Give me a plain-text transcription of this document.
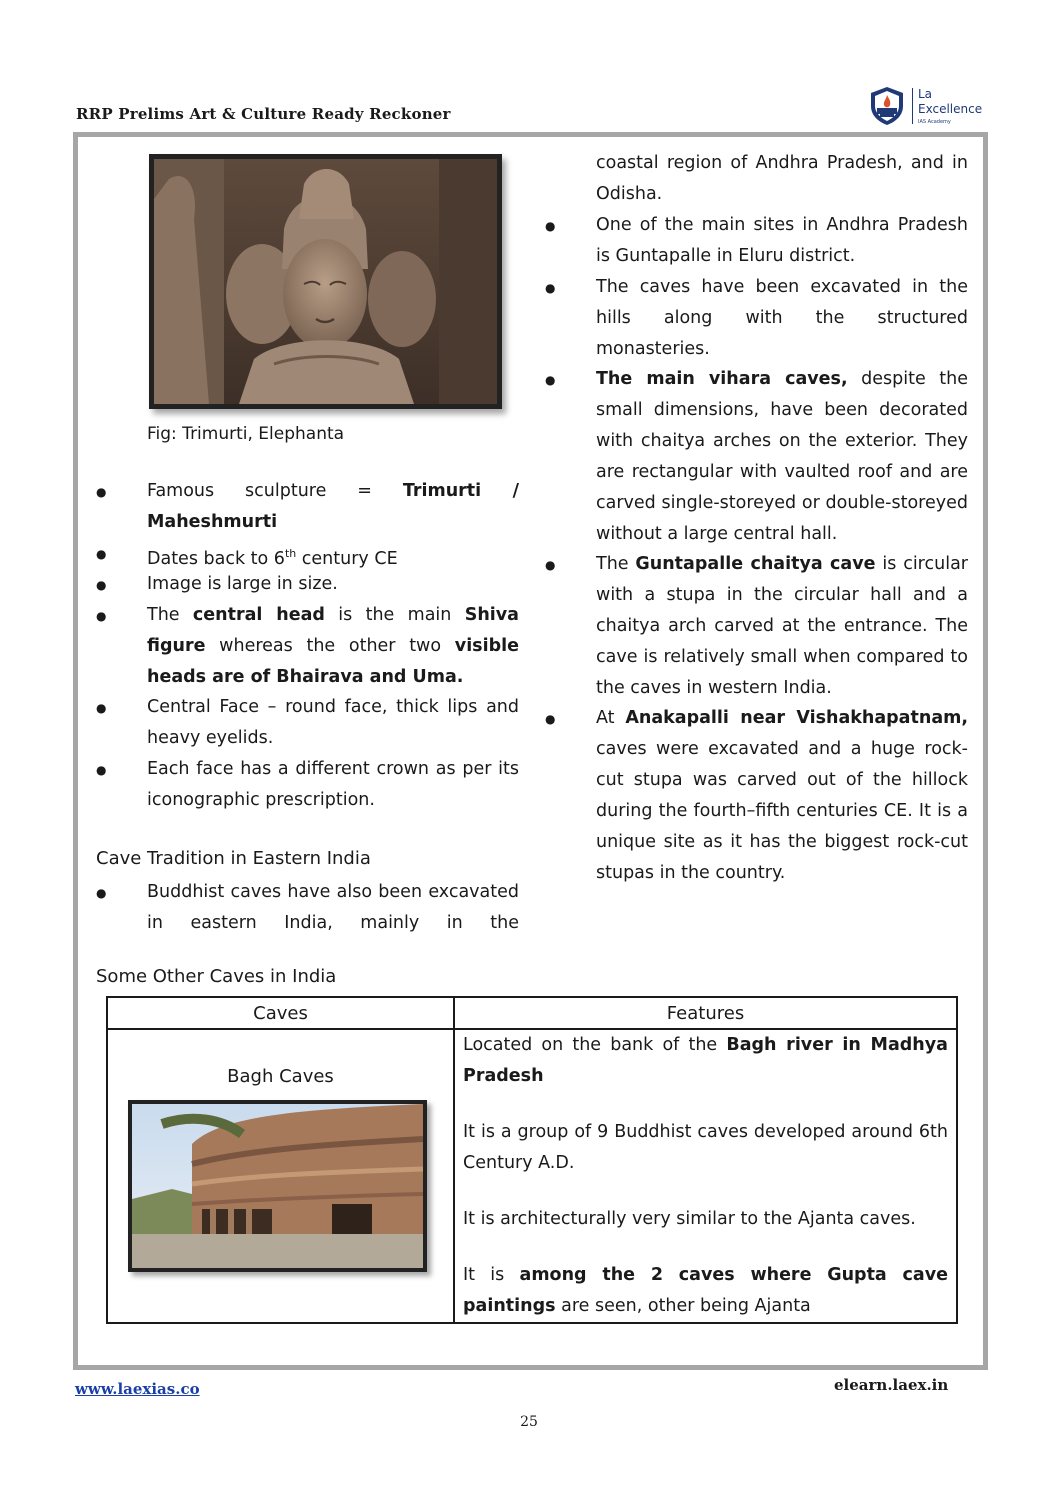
RRP Prelims Art & Culture Ready Reckoner
La
Excellence
IAS Academy
Fig: Trimurti, Elephanta
● Famous sculpture = Trimurti / Maheshmurti
● Dates back to 6th century CE
● Image is large in size.
● The central head is the main Shiva figure whereas the other two visible heads are of Bhairava and Uma.
● Central Face – round face, thick lips and heavy eyelids.
● Each face has a different crown as per its iconographic prescription.
Cave Tradition in Eastern India
● Buddhist caves have also been excavated in eastern India, mainly in the
coastal region of Andhra Pradesh, and in Odisha.
● One of the main sites in Andhra Pradesh is Guntapalle in Eluru district.
● The caves have been excavated in the hills along with the structured monasteries.
● The main vihara caves, despite the small dimensions, have been decorated with chaitya arches on the exterior. They are rectangular with vaulted roof and are carved single-storeyed or double-storeyed without a large central hall.
● The Guntapalle chaitya cave is circular with a stupa in the circular hall and a chaitya arch carved at the entrance. The cave is relatively small when compared to the caves in western India.
● At Anakapalli near Vishakhapatnam, caves were excavated and a huge rock-cut stupa was carved out of the hillock during the fourth–fifth centuries CE. It is a unique site as it has the biggest rock-cut stupas in the country.
Some Other Caves in India
Caves	Features

Bagh Caves	Located on the bank of the Bagh river in Madhya Pradesh

It is a group of 9 Buddhist caves developed around 6th Century A.D.

It is architecturally very similar to the Ajanta caves.

It is among the 2 caves where Gupta cave paintings are seen, other being Ajanta

www.laexias.co	elearn.laex.in
25
